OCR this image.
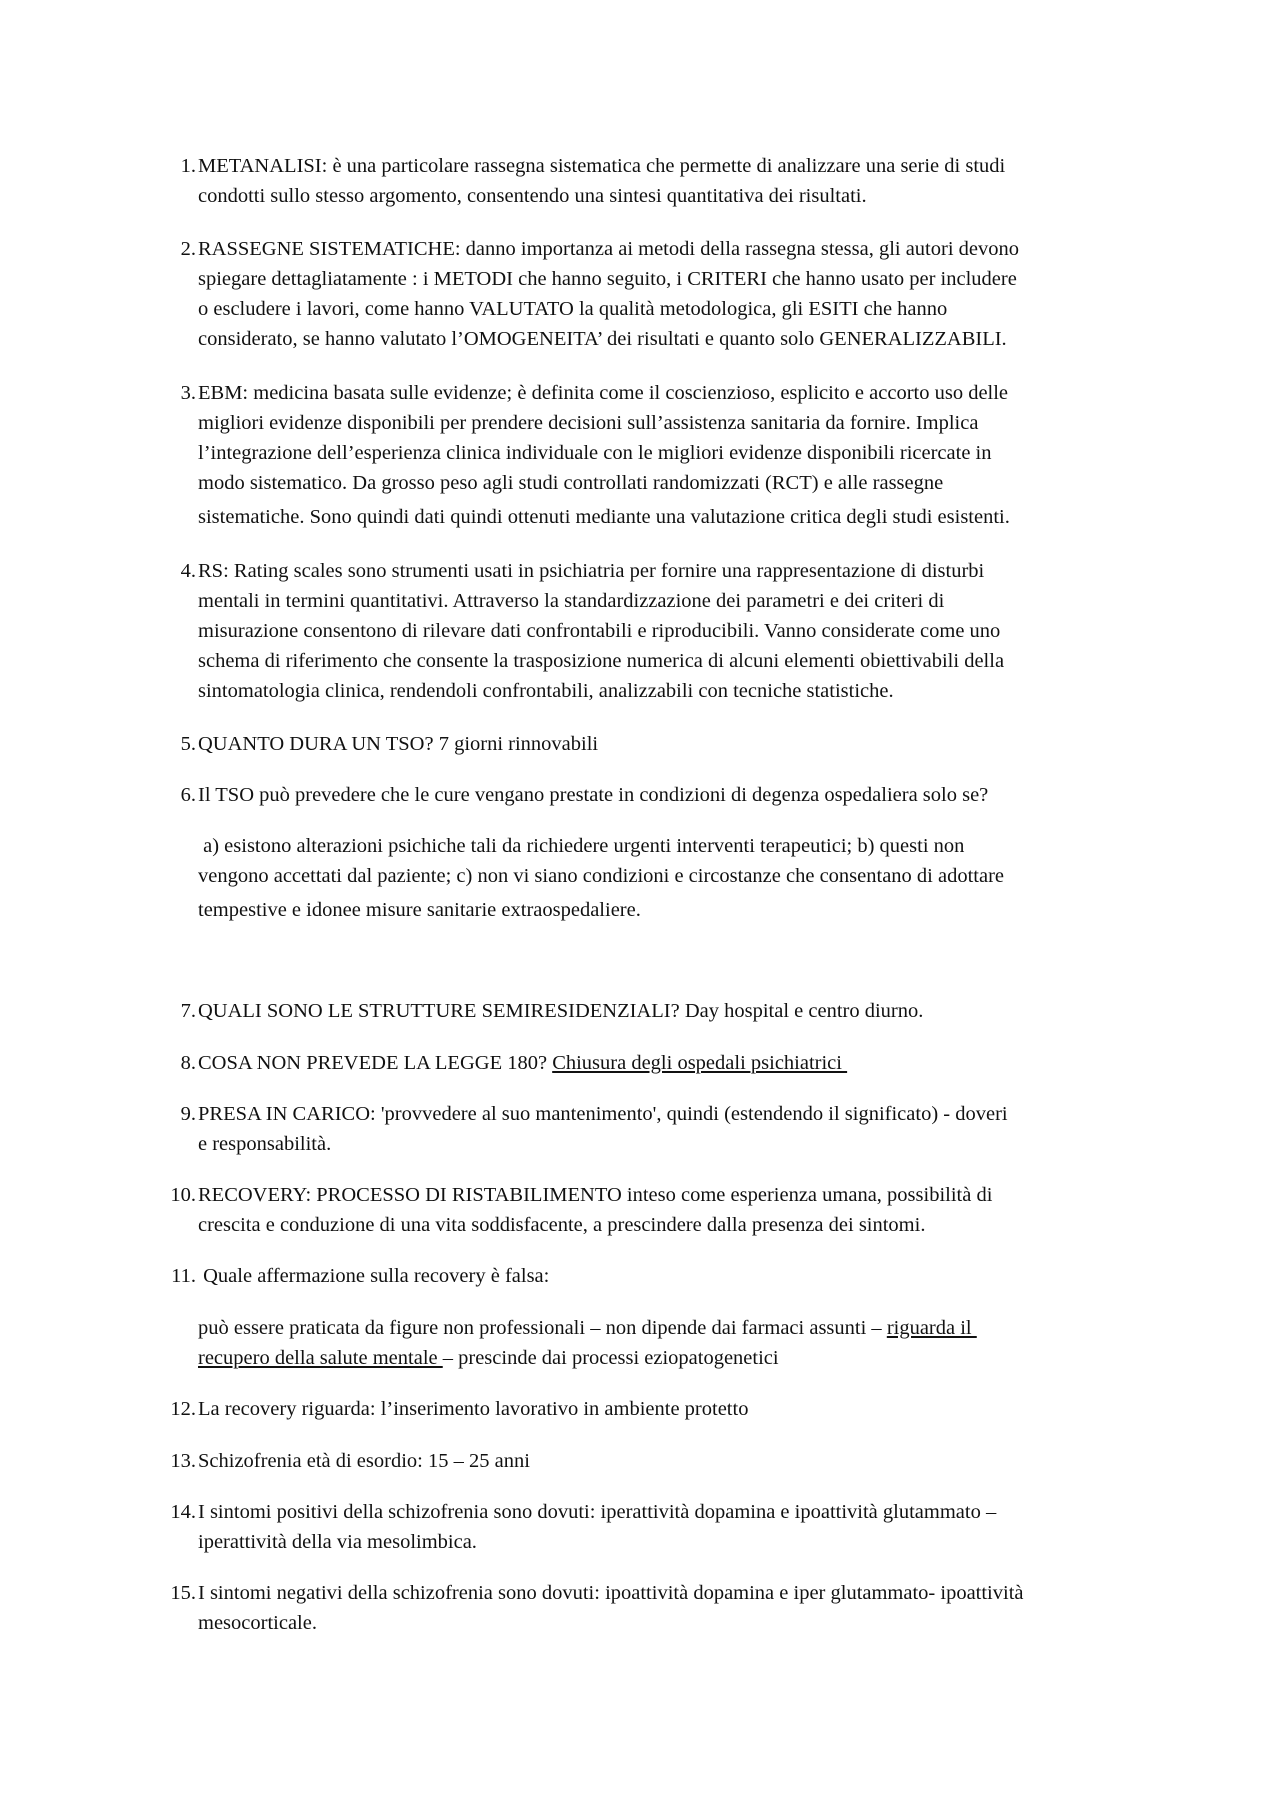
1 . METANALISI: è una particolare rassegna sistematica che permette di analizzare una serie di studi
condotti sullo stesso argomento, consentendo una sintesi quantitativa dei risultati.
2 . RASSEGNE SISTEMATICHE: danno importanza ai metodi della rassegna stessa, gli autori devono
spiegare dettagliatamente : i METODI che hanno seguito, i CRITERI che hanno usato per includere
o escludere i lavori, come hanno VALUTATO la qualità metodologica, gli ESITI che hanno
considerato, se hanno valutato l’OMOGENEITA’ dei risultati e quanto solo GENERALIZZABILI.
3 . EBM: medicina basata sulle evidenze; è definita come il coscienzioso, esplicito e accorto uso delle
migliori evidenze disponibili per prendere decisioni sull’assistenza sanitaria da fornire. Implica
l’integrazione dell’esperienza clinica individuale con le migliori evidenze disponibili ricercate in
modo sistematico. Da grosso peso agli studi controllati randomizzati (RCT) e alle rassegne
sistematiche. Sono quindi dati quindi ottenuti mediante una valutazione critica degli studi esistenti.
4 . RS: Rating scales sono strumenti usati in psichiatria per fornire una rappresentazione di disturbi
mentali in termini quantitativi. Attraverso la standardizzazione dei parametri e dei criteri di
misurazione consentono di rilevare dati confrontabili e riproducibili. Vanno considerate come uno
schema di riferimento che consente la trasposizione numerica di alcuni elementi obiettivabili della
sintomatologia clinica, rendendoli confrontabili, analizzabili con tecniche statistiche.
5 . QUANTO DURA UN TSO? 7 giorni rinnovabili
6 . Il TSO può prevedere che le cure vengano prestate in condizioni di degenza ospedaliera solo se?
a) esistono alterazioni psichiche tali da richiedere urgenti interventi terapeutici; b) questi non
vengono accettati dal paziente; c) non vi siano condizioni e circostanze che consentano di adottare
tempestive e idonee misure sanitarie extraospedaliere.
7 . QUALI SONO LE STRUTTURE SEMIRESIDENZIALI? Day hospital e centro diurno.
8 . COSA NON PREVEDE LA LEGGE 180? Chiusura degli ospedali psichiatrici
9 . PRESA IN CARICO: 'provvedere al suo mantenimento', quindi (estendendo il significato) - doveri
e responsabilità.
10 . RECOVERY: PROCESSO DI RISTABILIMENTO inteso come esperienza umana, possibilità di
crescita e conduzione di una vita soddisfacente, a prescindere dalla presenza dei sintomi.
11 . Quale affermazione sulla recovery è falsa:
può essere praticata da figure non professionali – non dipende dai farmaci assunti – riguarda il
recupero della salute mentale – prescinde dai processi eziopatogenetici
12 . La recovery riguarda: l’inserimento lavorativo in ambiente protetto
13 . Schizofrenia età di esordio: 15 – 25 anni
14 . I sintomi positivi della schizofrenia sono dovuti: iperattività dopamina e ipoattività glutammato –
iperattività della via mesolimbica.
15 . I sintomi negativi della schizofrenia sono dovuti: ipoattività dopamina e iper glutammato- ipoattività
mesocorticale.
